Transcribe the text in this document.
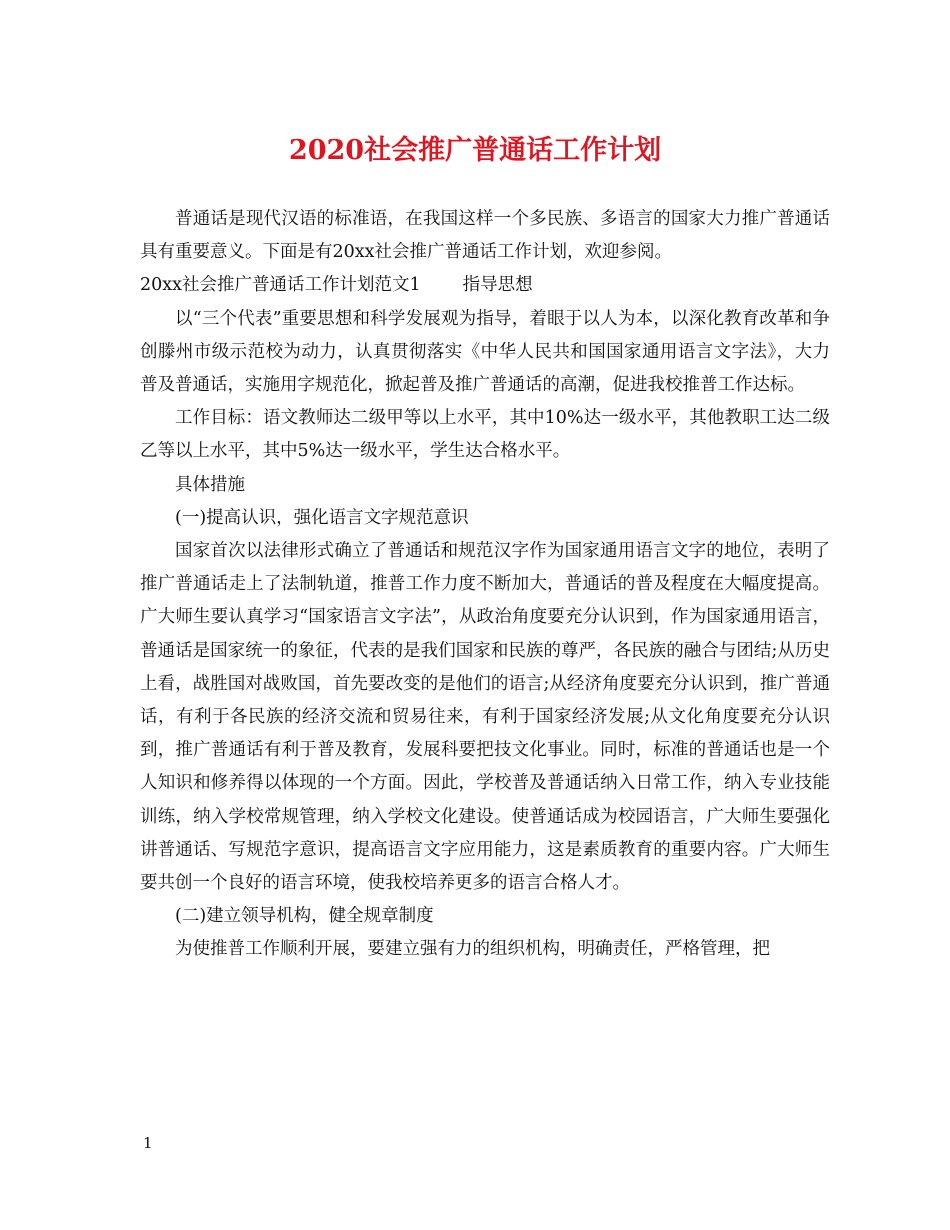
2020社会推广普通话工作计划

普通话是现代汉语的标准语，在我国这样一个多民族、多语言的国家大力推广普通话具有重要意义。下面是有20xx社会推广普通话工作计划，欢迎参阅。

20xx社会推广普通话工作计划范文1 指导思想

以“三个代表”重要思想和科学发展观为指导，着眼于以人为本，以深化教育改革和争创滕州市级示范校为动力，认真贯彻落实《中华人民共和国国家通用语言文字法》，大力普及普通话，实施用字规范化，掀起普及推广普通话的高潮，促进我校推普工作达标。

工作目标：语文教师达二级甲等以上水平，其中10%达一级水平，其他教职工达二级乙等以上水平，其中5%达一级水平，学生达合格水平。

具体措施

(一)提高认识，强化语言文字规范意识

国家首次以法律形式确立了普通话和规范汉字作为国家通用语言文字的地位，表明了推广普通话走上了法制轨道，推普工作力度不断加大，普通话的普及程度在大幅度提高。广大师生要认真学习“国家语言文字法”，从政治角度要充分认识到，作为国家通用语言，普通话是国家统一的象征，代表的是我们国家和民族的尊严，各民族的融合与团结;从历史上看，战胜国对战败国，首先要改变的是他们的语言;从经济角度要充分认识到，推广普通话，有利于各民族的经济交流和贸易往来，有利于国家经济发展;从文化角度要充分认识到，推广普通话有利于普及教育，发展科要把技文化事业。同时，标准的普通话也是一个人知识和修养得以体现的一个方面。因此，学校普及普通话纳入日常工作，纳入专业技能训练，纳入学校常规管理，纳入学校文化建设。使普通话成为校园语言，广大师生要强化讲普通话、写规范字意识，提高语言文字应用能力，这是素质教育的重要内容。广大师生要共创一个良好的语言环境，使我校培养更多的语言合格人才。

(二)建立领导机构，健全规章制度

为使推普工作顺利开展，要建立强有力的组织机构，明确责任，严格管理，把

1
